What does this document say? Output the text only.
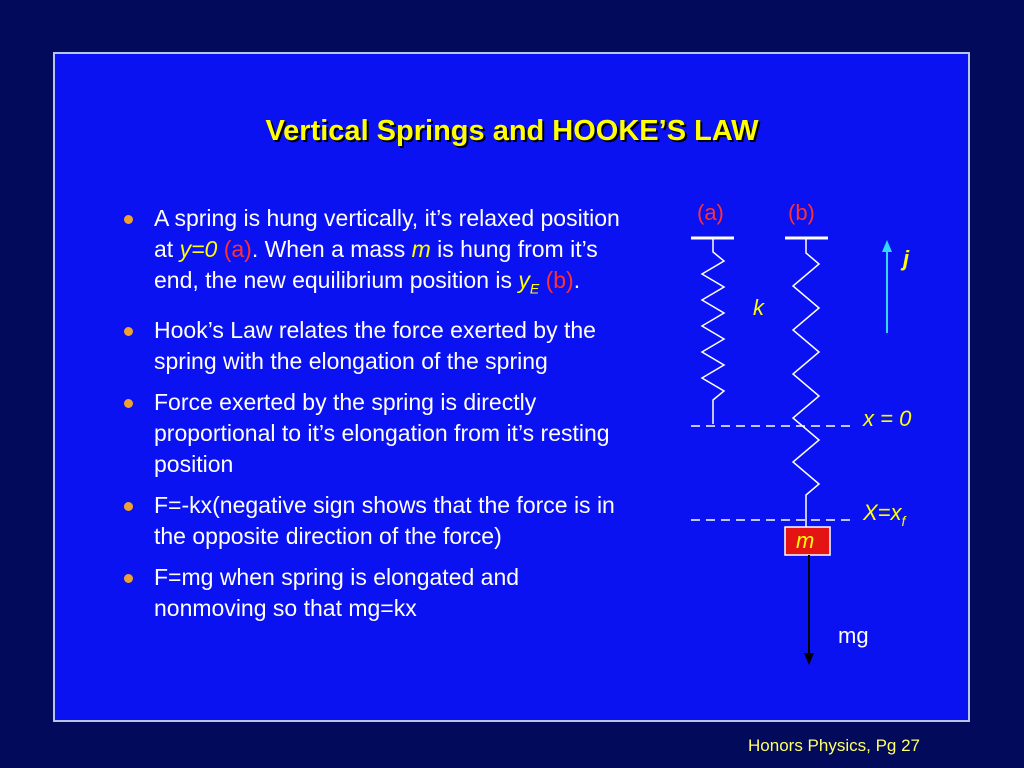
Vertical Springs and HOOKE’S LAW
A spring is hung vertically, it’s relaxed position at y=0 (a). When a mass m is hung from it’s end, the new equilibrium position is $y_E$ (b).
Hook’s Law relates the force exerted by the spring with the elongation of the spring
Force exerted by the spring is directly proportional to it’s elongation from it’s resting position
F=-kx(negative sign shows that the force is in the opposite direction of the force)
F=mg when spring is elongated and nonmoving so that mg=kx
(a)	(b)
k
j
x = 0
$X=x_f$
m
mg
Honors Physics, Pg 27
